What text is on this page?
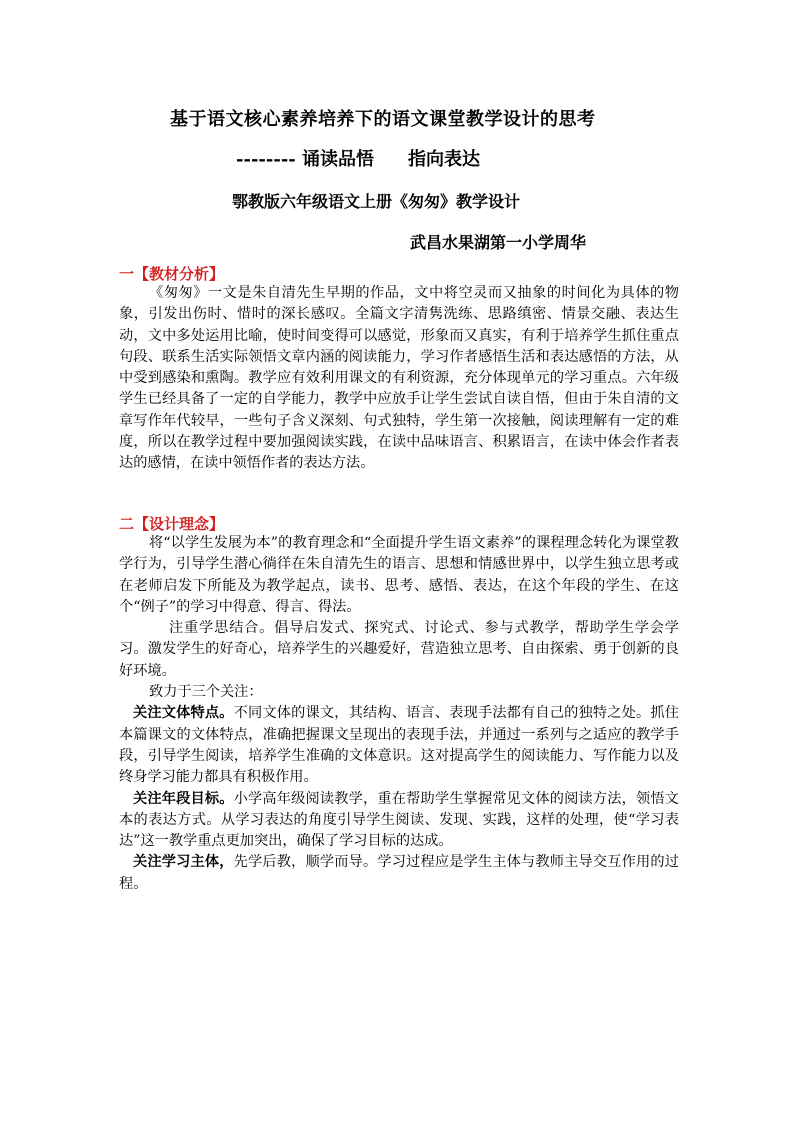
基于语文核心素养培养下的语文课堂教学设计的思考
-------- 诵读品悟 指向表达
鄂教版六年级语文上册《匆匆》教学设计
武昌水果湖第一小学周华
一【教材分析】

《匆匆》一文是朱自清先生早期的作品，文中将空灵而又抽象的时间化为具体的物象，引发出伤时、惜时的深长感叹。全篇文字清隽洗练、思路缜密、情景交融、表达生动，文中多处运用比喻，使时间变得可以感觉，形象而又真实，有利于培养学生抓住重点句段、联系生活实际领悟文章内涵的阅读能力，学习作者感悟生活和表达感悟的方法，从中受到感染和熏陶。教学应有效利用课文的有利资源，充分体现单元的学习重点。六年级学生已经具备了一定的自学能力，教学中应放手让学生尝试自读自悟，但由于朱自清的文章写作年代较早，一些句子含义深刻、句式独特，学生第一次接触，阅读理解有一定的难度，所以在教学过程中要加强阅读实践，在读中品味语言、积累语言，在读中体会作者表达的感情，在读中领悟作者的表达方法。

二【设计理念】

将“以学生发展为本”的教育理念和“全面提升学生语文素养”的课程理念转化为课堂教学行为，引导学生潜心徜徉在朱自清先生的语言、思想和情感世界中，以学生独立思考或在老师启发下所能及为教学起点，读书、思考、感悟、表达，在这个年段的学生、在这个“例子”的学习中得意、得言、得法。

注重学思结合。倡导启发式、探究式、讨论式、参与式教学，帮助学生学会学习。激发学生的好奇心，培养学生的兴趣爱好，营造独立思考、自由探索、勇于创新的良好环境。

致力于三个关注：

关注文体特点。不同文体的课文，其结构、语言、表现手法都有自己的独特之处。抓住本篇课文的文体特点，准确把握课文呈现出的表现手法，并通过一系列与之适应的教学手段，引导学生阅读，培养学生准确的文体意识。这对提高学生的阅读能力、写作能力以及终身学习能力都具有积极作用。

关注年段目标。小学高年级阅读教学，重在帮助学生掌握常见文体的阅读方法，领悟文本的表达方式。从学习表达的角度引导学生阅读、发现、实践，这样的处理，使“学习表达”这一教学重点更加突出，确保了学习目标的达成。

关注学习主体，先学后教，顺学而导。学习过程应是学生主体与教师主导交互作用的过程。
